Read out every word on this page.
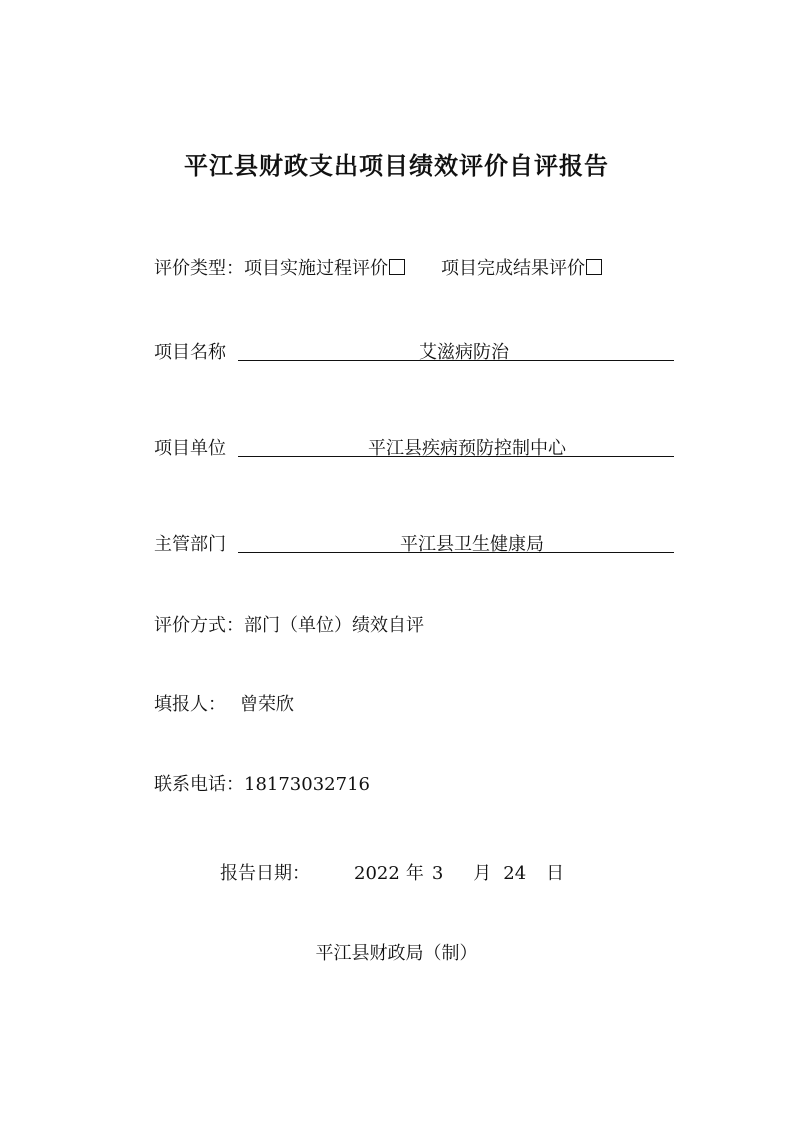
平江县财政支出项目绩效评价自评报告
评价类型：项目实施过程评价	项目完成结果评价
项目名称	艾滋病防治
项目单位	平江县疾病预防控制中心
主管部门	平江县卫生健康局
评价方式：部门（单位）绩效自评
填报人： 曾荣欣
联系电话：18173032716
报告日期： 2022 年 3 月 24 日
平江县财政局（制）
